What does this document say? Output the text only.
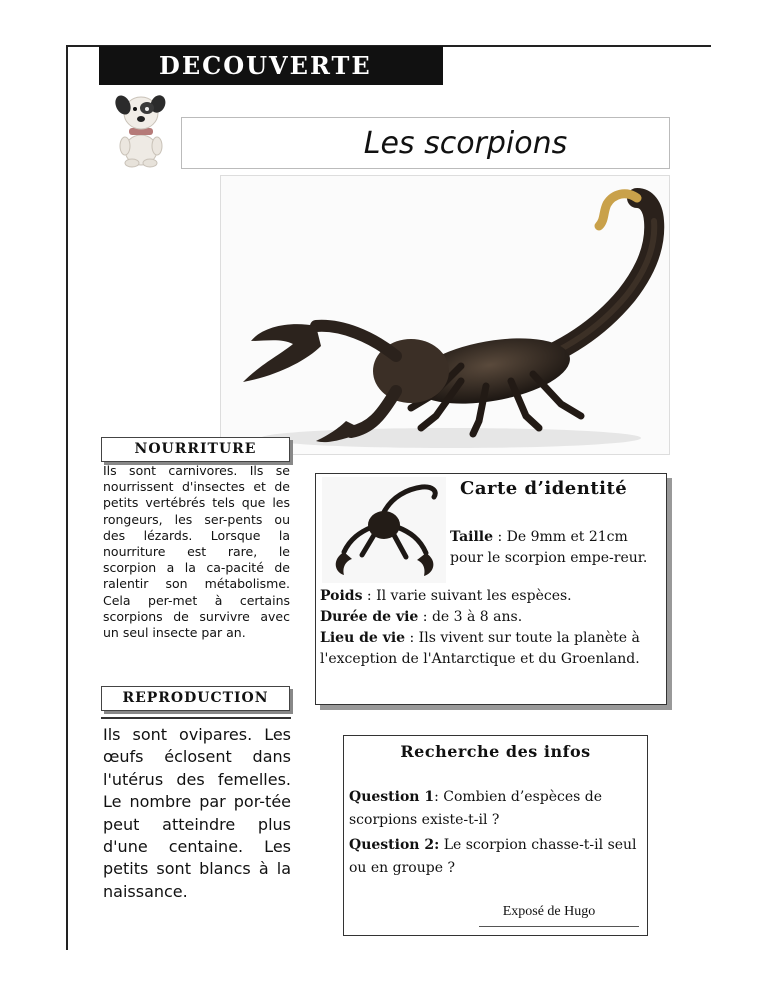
DECOUVERTE
Les scorpions
NOURRITURE
Ils sont carnivores. Ils se nourrissent d'insectes et de petits vertébrés tels que les rongeurs, les ser-pents ou des lézards. Lorsque la nourriture est rare, le scorpion a la ca-pacité de ralentir son métabolisme. Cela per-met à certains scorpions de survivre avec un seul insecte par an.
REPRODUCTION
Ils sont ovipares. Les œufs éclosent dans l'utérus des femelles. Le nombre par por-tée peut atteindre plus d'une centaine. Les petits sont blancs à la naissance.
Carte d’identité
Taille : De 9mm et 21cm pour le scorpion empe-reur.
Poids : Il varie suivant les espèces.
Durée de vie : de 3 à 8 ans.
Lieu de vie : Ils vivent sur toute la planète à l'exception de l'Antarctique et du Groenland.
Recherche des infos
Question 1: Combien d’espèces de scorpions existe-t-il ?
Question 2: Le scorpion chasse-t-il seul ou en groupe ?
Exposé de Hugo
